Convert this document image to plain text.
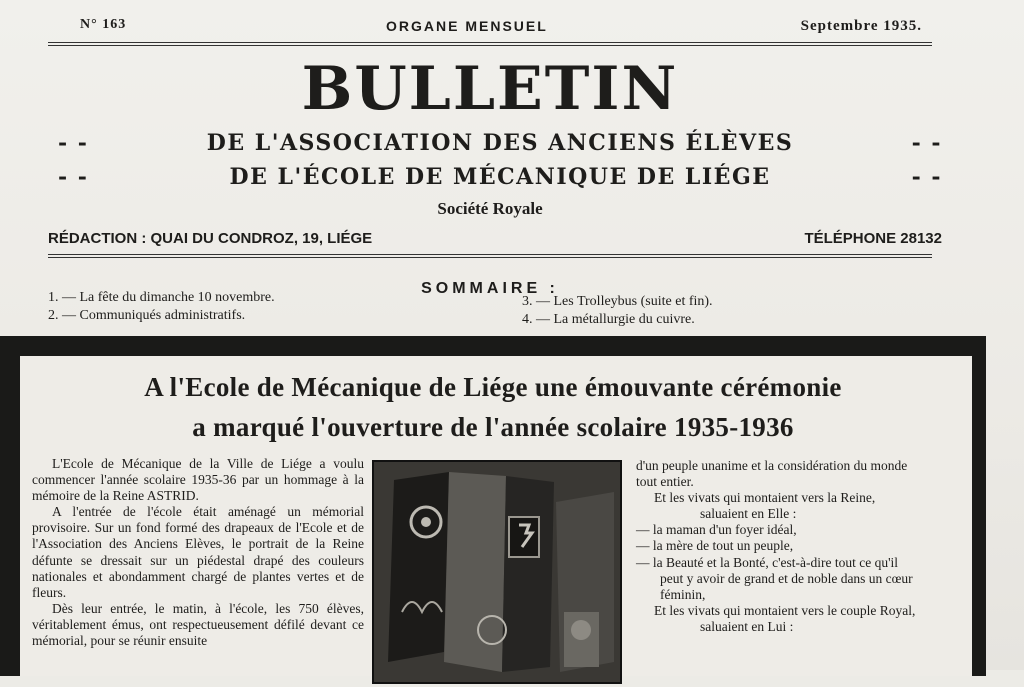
N° 163	ORGANE MENSUEL	Septembre 1935.
BULLETIN
- -	DE L'ASSOCIATION DES ANCIENS ÉLÈVES	- -
- -	DE L'ÉCOLE DE MÉCANIQUE DE LIÉGE	- -
Société Royale
RÉDACTION : QUAI DU CONDROZ, 19, LIÉGE	TÉLÉPHONE 28132
SOMMAIRE :
1. — La fête du dimanche 10 novembre.
2. — Communiqués administratifs.
3. — Les Trolleybus (suite et fin).
4. — La métallurgie du cuivre.
A l'Ecole de Mécanique de Liége une émouvante cérémonie
a marqué l'ouverture de l'année scolaire 1935-1936

L'Ecole de Mécanique de la Ville de Liége a voulu commencer l'année scolaire 1935-36 par un hommage à la mémoire de la Reine ASTRID.

A l'entrée de l'école était aménagé un mémorial provisoire. Sur un fond formé des drapeaux de l'Ecole et de l'Association des Anciens Elèves, le portrait de la Reine défunte se dressait sur un piédestal drapé des couleurs nationales et abondamment chargé de plantes vertes et de fleurs.

Dès leur entrée, le matin, à l'école, les 750 élèves, véritablement émus, ont respectueusement défilé devant ce mémorial, pour se réunir ensuite

d'un peuple unanime et la considération du monde
tout entier.
Et les vivats qui montaient vers la Reine,
saluaient en Elle :
— la maman d'un foyer idéal,
— la mère de tout un peuple,
— la Beauté et la Bonté, c'est-à-dire tout ce qu'il
peut y avoir de grand et de noble dans un cœur
féminin,
Et les vivats qui montaient vers le couple Royal,
saluaient en Lui :
